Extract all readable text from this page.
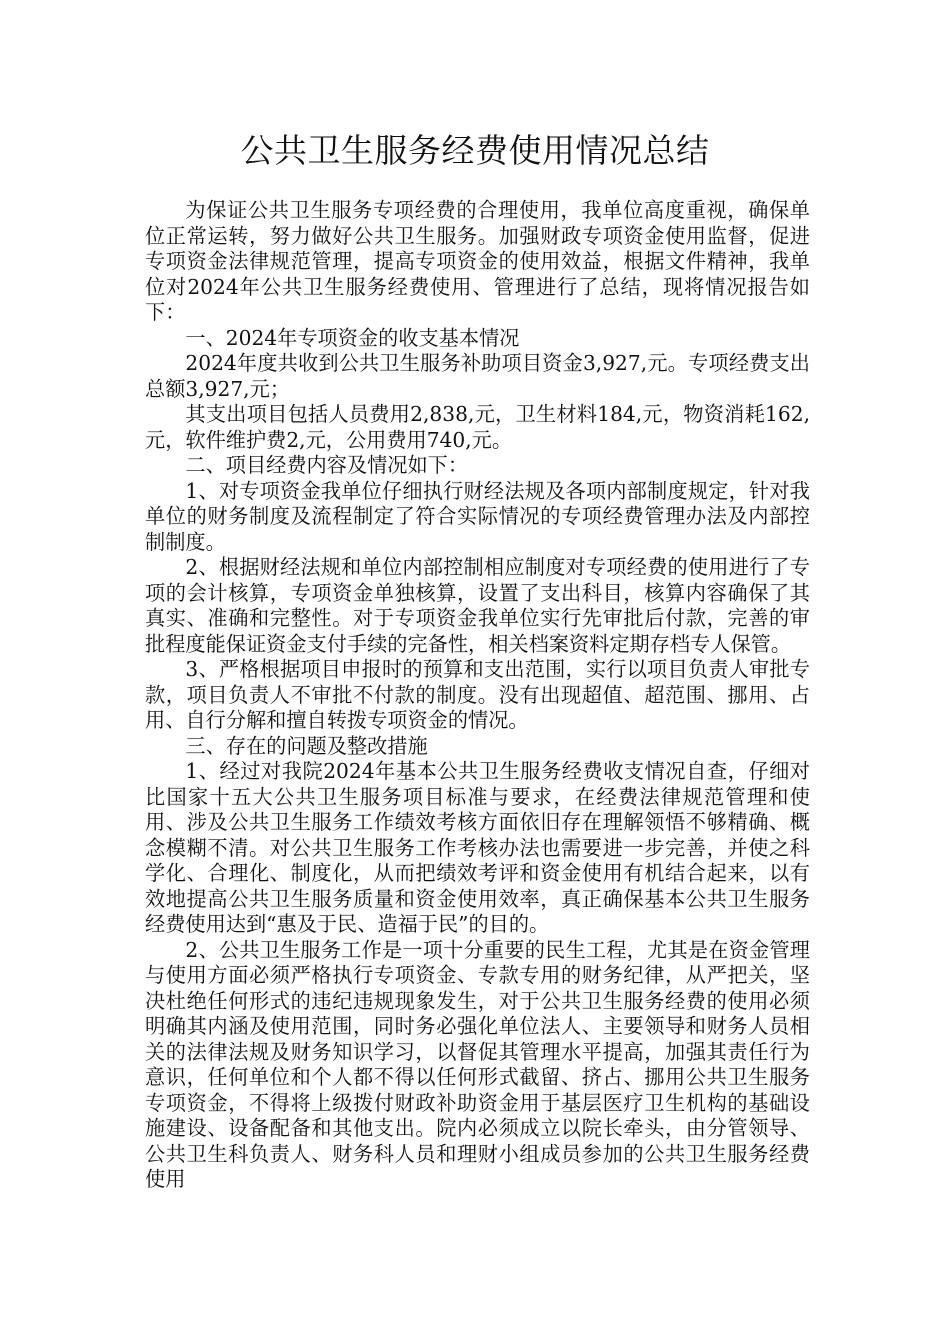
公共卫生服务经费使用情况总结

为保证公共卫生服务专项经费的合理使用，我单位高度重视，确保单位正常运转，努力做好公共卫生服务。加强财政专项资金使用监督，促进专项资金法律规范管理，提高专项资金的使用效益，根据文件精神，我单位对2024年公共卫生服务经费使用、管理进行了总结，现将情况报告如下：

一、2024年专项资金的收支基本情况

2024年度共收到公共卫生服务补助项目资金3,927,元。专项经费支出总额3,927,元；

其支出项目包括人员费用2,838,元，卫生材料184,元，物资消耗162,元，软件维护费2,元，公用费用740,元。

二、项目经费内容及情况如下：

1、对专项资金我单位仔细执行财经法规及各项内部制度规定，针对我单位的财务制度及流程制定了符合实际情况的专项经费管理办法及内部控制制度。

2、根据财经法规和单位内部控制相应制度对专项经费的使用进行了专项的会计核算，专项资金单独核算，设置了支出科目，核算内容确保了其真实、准确和完整性。对于专项资金我单位实行先审批后付款，完善的审批程度能保证资金支付手续的完备性，相关档案资料定期存档专人保管。

3、严格根据项目申报时的预算和支出范围，实行以项目负责人审批专款，项目负责人不审批不付款的制度。没有出现超值、超范围、挪用、占用、自行分解和擅自转拨专项资金的情况。

三、存在的问题及整改措施

1、经过对我院2024年基本公共卫生服务经费收支情况自查，仔细对比国家十五大公共卫生服务项目标准与要求，在经费法律规范管理和使用、涉及公共卫生服务工作绩效考核方面依旧存在理解领悟不够精确、概念模糊不清。对公共卫生服务工作考核办法也需要进一步完善，并使之科学化、合理化、制度化，从而把绩效考评和资金使用有机结合起来，以有效地提高公共卫生服务质量和资金使用效率，真正确保基本公共卫生服务经费使用达到“惠及于民、造福于民”的目的。

2、公共卫生服务工作是一项十分重要的民生工程，尤其是在资金管理与使用方面必须严格执行专项资金、专款专用的财务纪律，从严把关，坚决杜绝任何形式的违纪违规现象发生，对于公共卫生服务经费的使用必须明确其内涵及使用范围，同时务必强化单位法人、主要领导和财务人员相关的法律法规及财务知识学习，以督促其管理水平提高，加强其责任行为意识，任何单位和个人都不得以任何形式截留、挤占、挪用公共卫生服务专项资金，不得将上级拨付财政补助资金用于基层医疗卫生机构的基础设施建设、设备配备和其他支出。院内必须成立以院长牵头，由分管领导、公共卫生科负责人、财务科人员和理财小组成员参加的公共卫生服务经费使用
